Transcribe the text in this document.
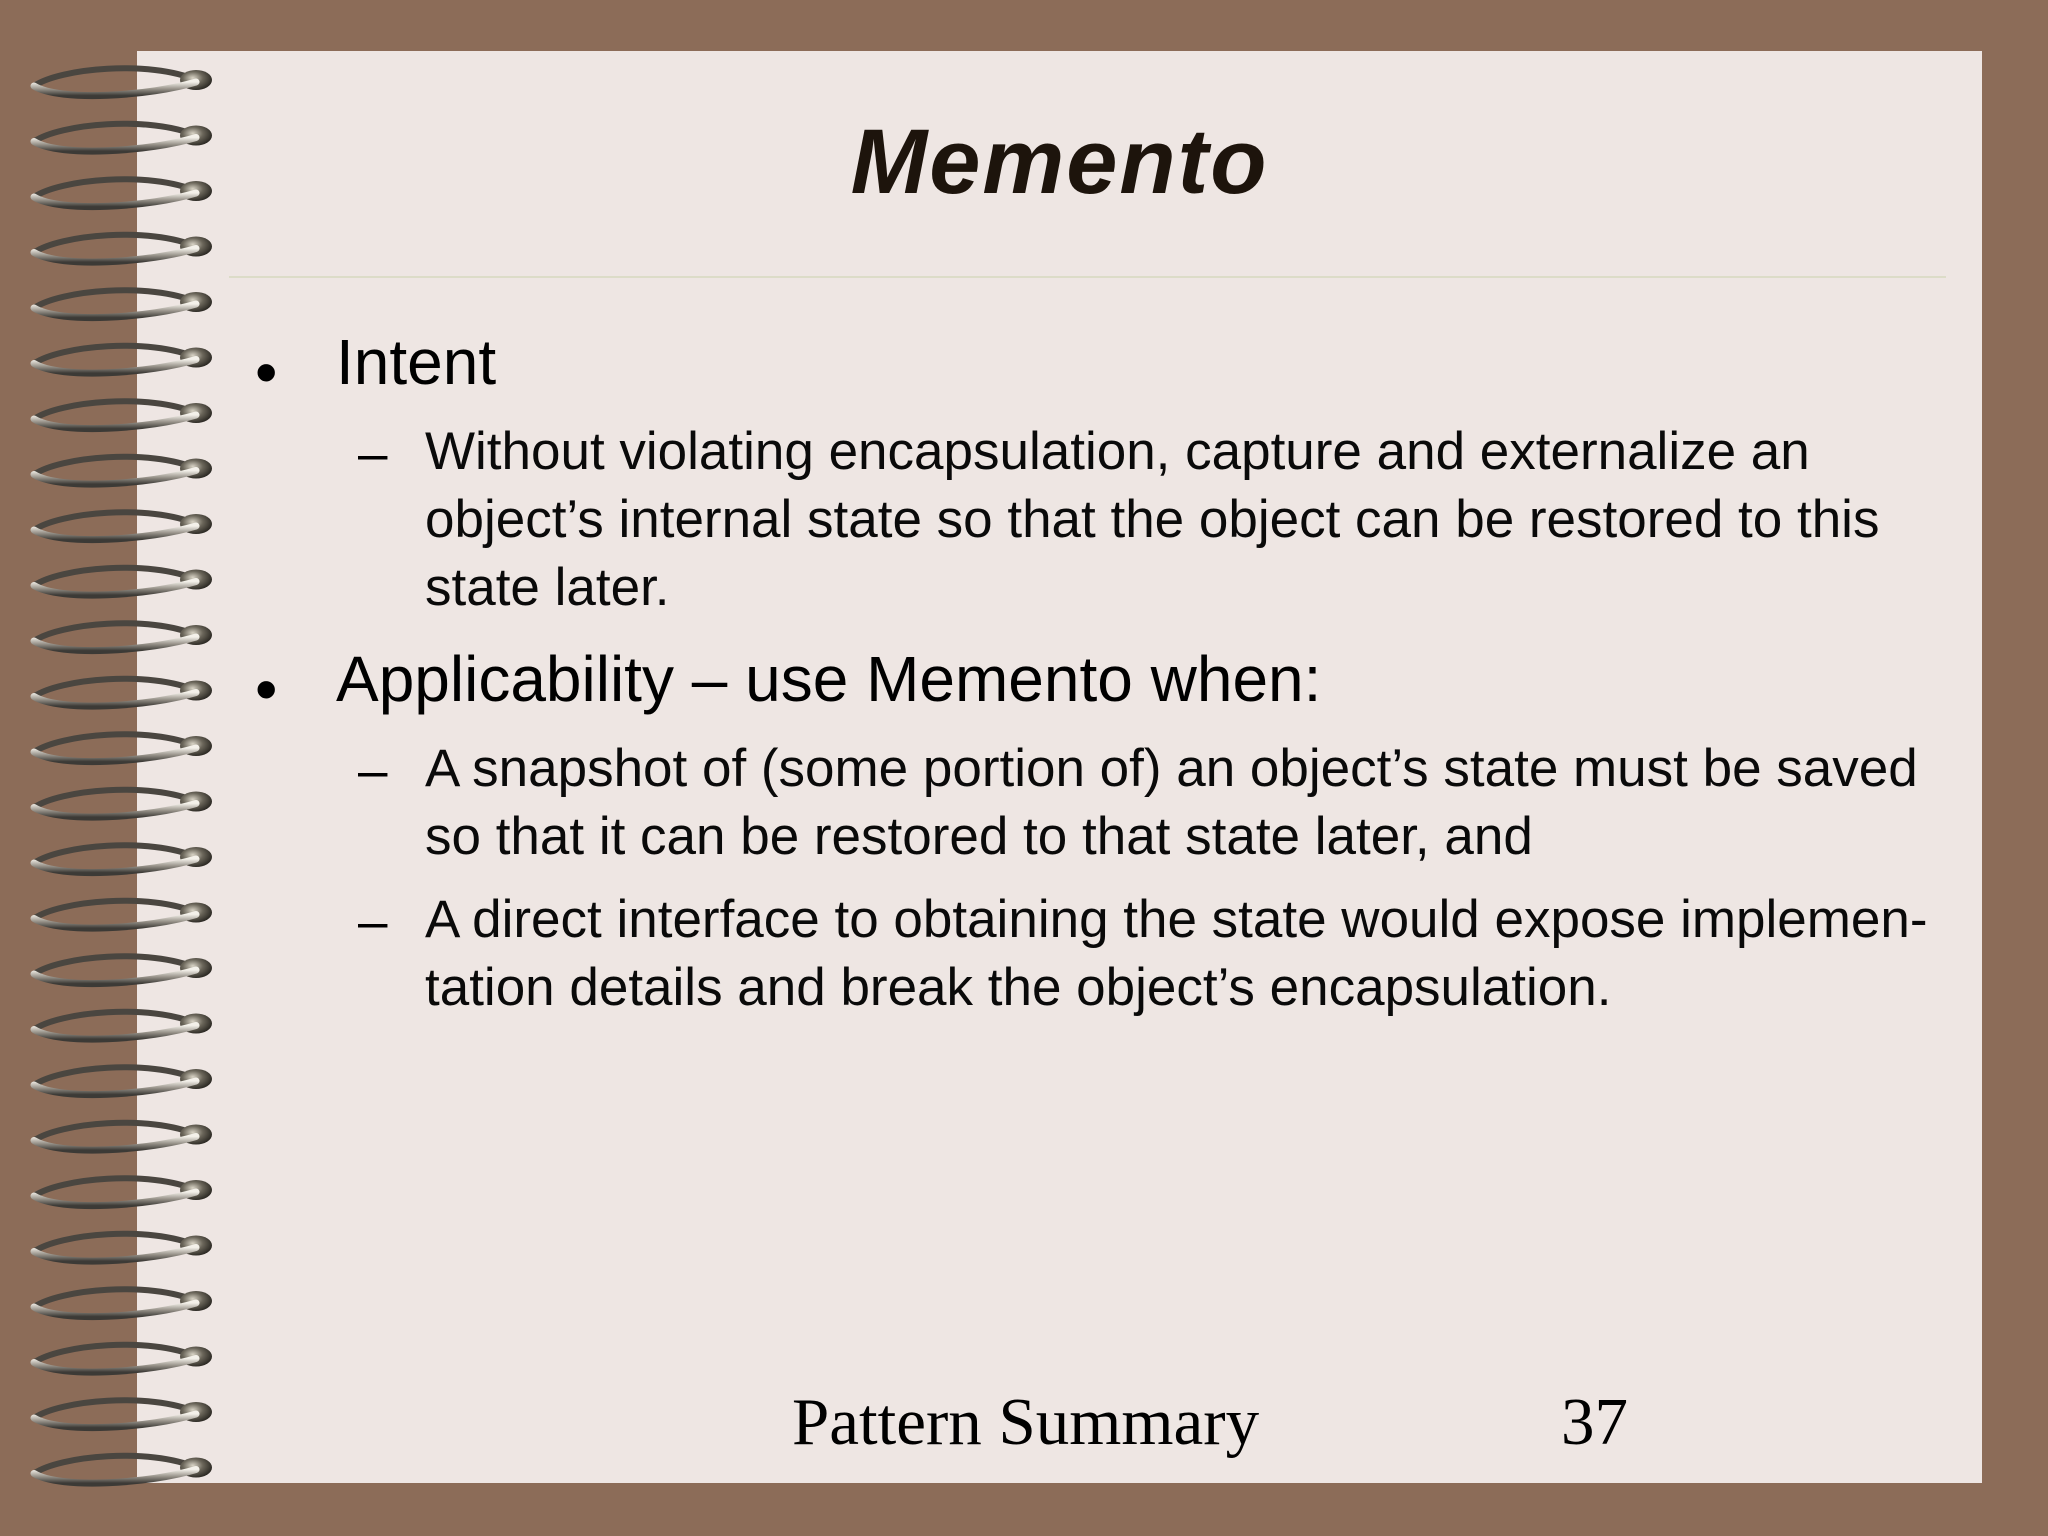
Memento
• Intent
– Without violating encapsulation, capture and externalize an object’s internal state so that the object can be restored to this state later.
• Applicability – use Memento when:
– A snapshot of (some portion of) an object’s state must be saved so that it can be restored to that state later, and
– A direct interface to obtaining the state would expose implemen-tation details and break the object’s encapsulation.
Pattern Summary	37
